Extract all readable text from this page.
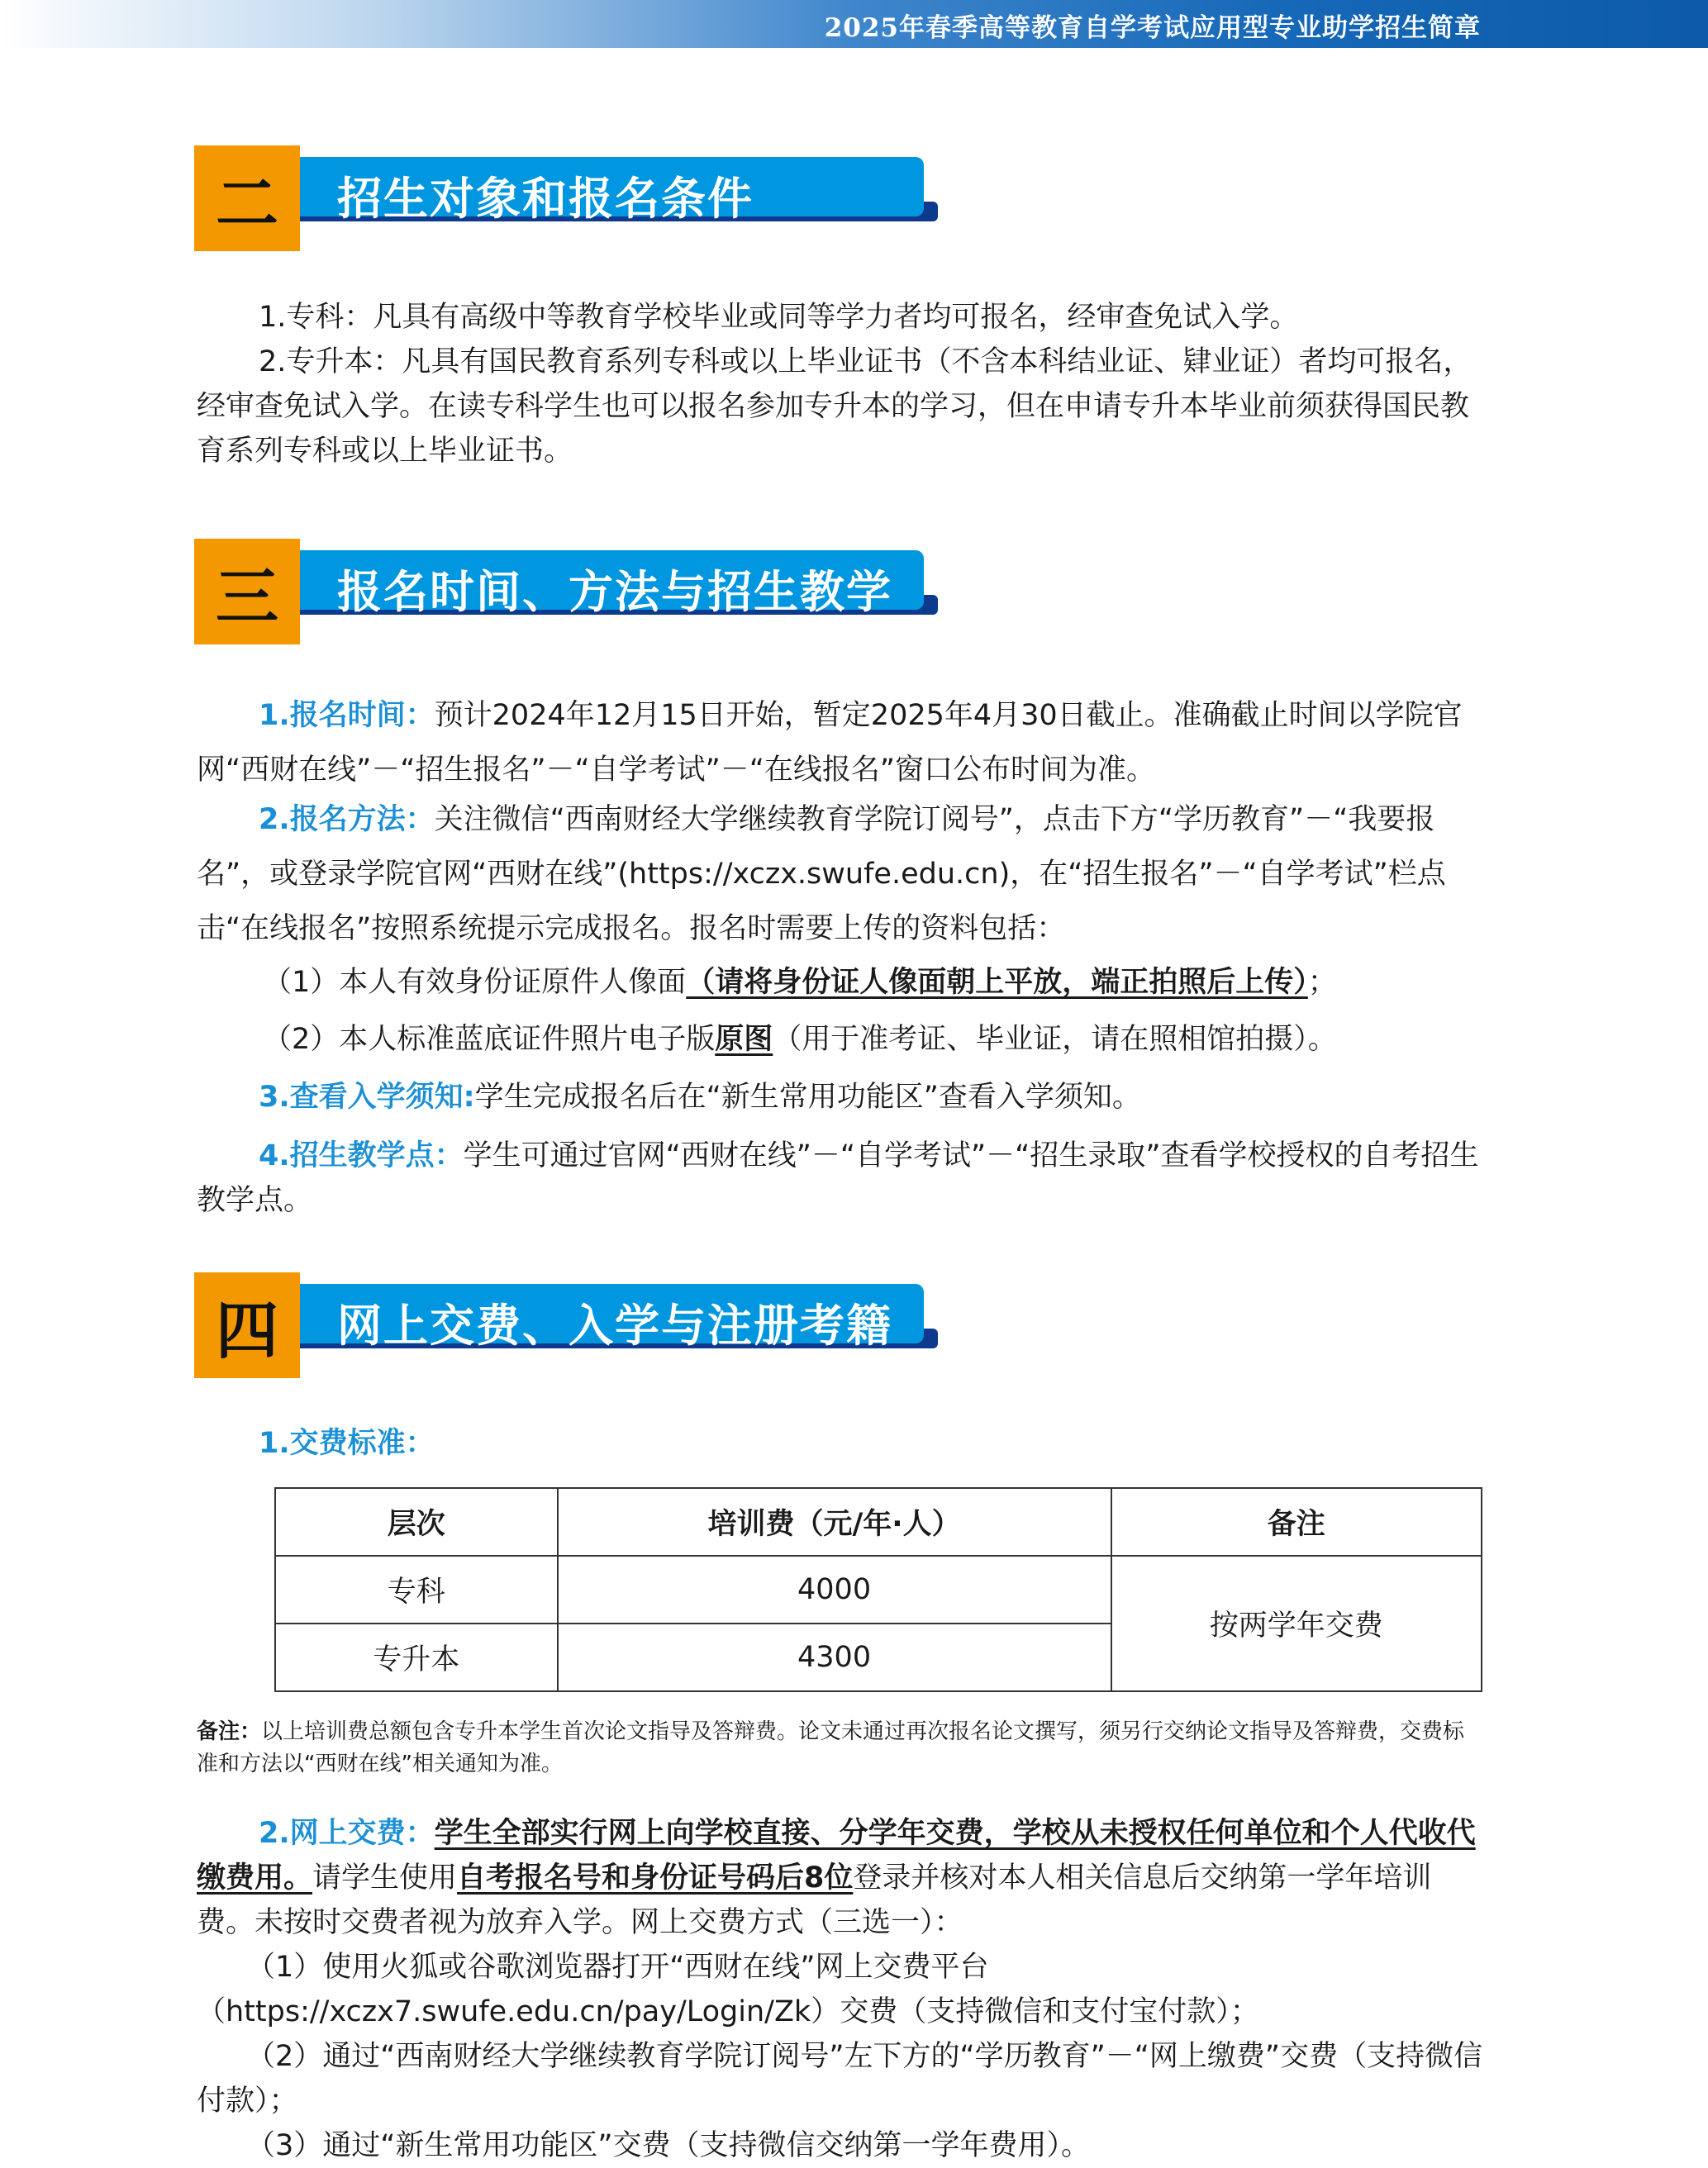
2025年春季高等教育自学考试应用型专业助学招生简章
招生对象和报名条件
二

1.专科：凡具有高级中等教育学校毕业或同等学力者均可报名，经审查免试入学。

2.专升本：凡具有国民教育系列专科或以上毕业证书（不含本科结业证、肄业证）者均可报名，经审查免试入学。在读专科学生也可以报名参加专升本的学习，但在申请专升本毕业前须获得国民教育系列专科或以上毕业证书。

报名时间、方法与招生教学点
三

1.报名时间：预计2024年12月15日开始，暂定2025年4月30日截止。准确截止时间以学院官网“西财在线”－“招生报名”－“自学考试”－“在线报名”窗口公布时间为准。

2.报名方法：关注微信“西南财经大学继续教育学院订阅号”，点击下方“学历教育”－“我要报名”，或登录学院官网“西财在线”(https://xczx.swufe.edu.cn)，在“招生报名”－“自学考试”栏点击“在线报名”按照系统提示完成报名。报名时需要上传的资料包括：

（1）本人有效身份证原件人像面（请将身份证人像面朝上平放，端正拍照后上传）；

（2）本人标准蓝底证件照片电子版原图（用于准考证、毕业证，请在照相馆拍摄）。

3.查看入学须知:学生完成报名后在“新生常用功能区”查看入学须知。

4.招生教学点：学生可通过官网“西财在线”－“自学考试”－“招生录取”查看学校授权的自考招生教学点。

网上交费、入学与注册考籍
四

1.交费标准：

层次	培训费（元/年·人）	备注
专科	4000	按两学年交费
专升本	4300	

备注：以上培训费总额包含专升本学生首次论文指导及答辩费。论文未通过再次报名论文撰写，须另行交纳论文指导及答辩费，交费标准和方法以“西财在线”相关通知为准。

2.网上交费：学生全部实行网上向学校直接、分学年交费，学校从未授权任何单位和个人代收代缴费用。请学生使用自考报名号和身份证号码后8位登录并核对本人相关信息后交纳第一学年培训费。未按时交费者视为放弃入学。网上交费方式（三选一）：

（1）使用火狐或谷歌浏览器打开“西财在线”网上交费平台（https://xczx7.swufe.edu.cn/pay/Login/Zk）交费（支持微信和支付宝付款）；

（2）通过“西南财经大学继续教育学院订阅号”左下方的“学历教育”－“网上缴费”交费（支持微信付款）；

（3）通过“新生常用功能区”交费（支持微信交纳第一学年费用）。
